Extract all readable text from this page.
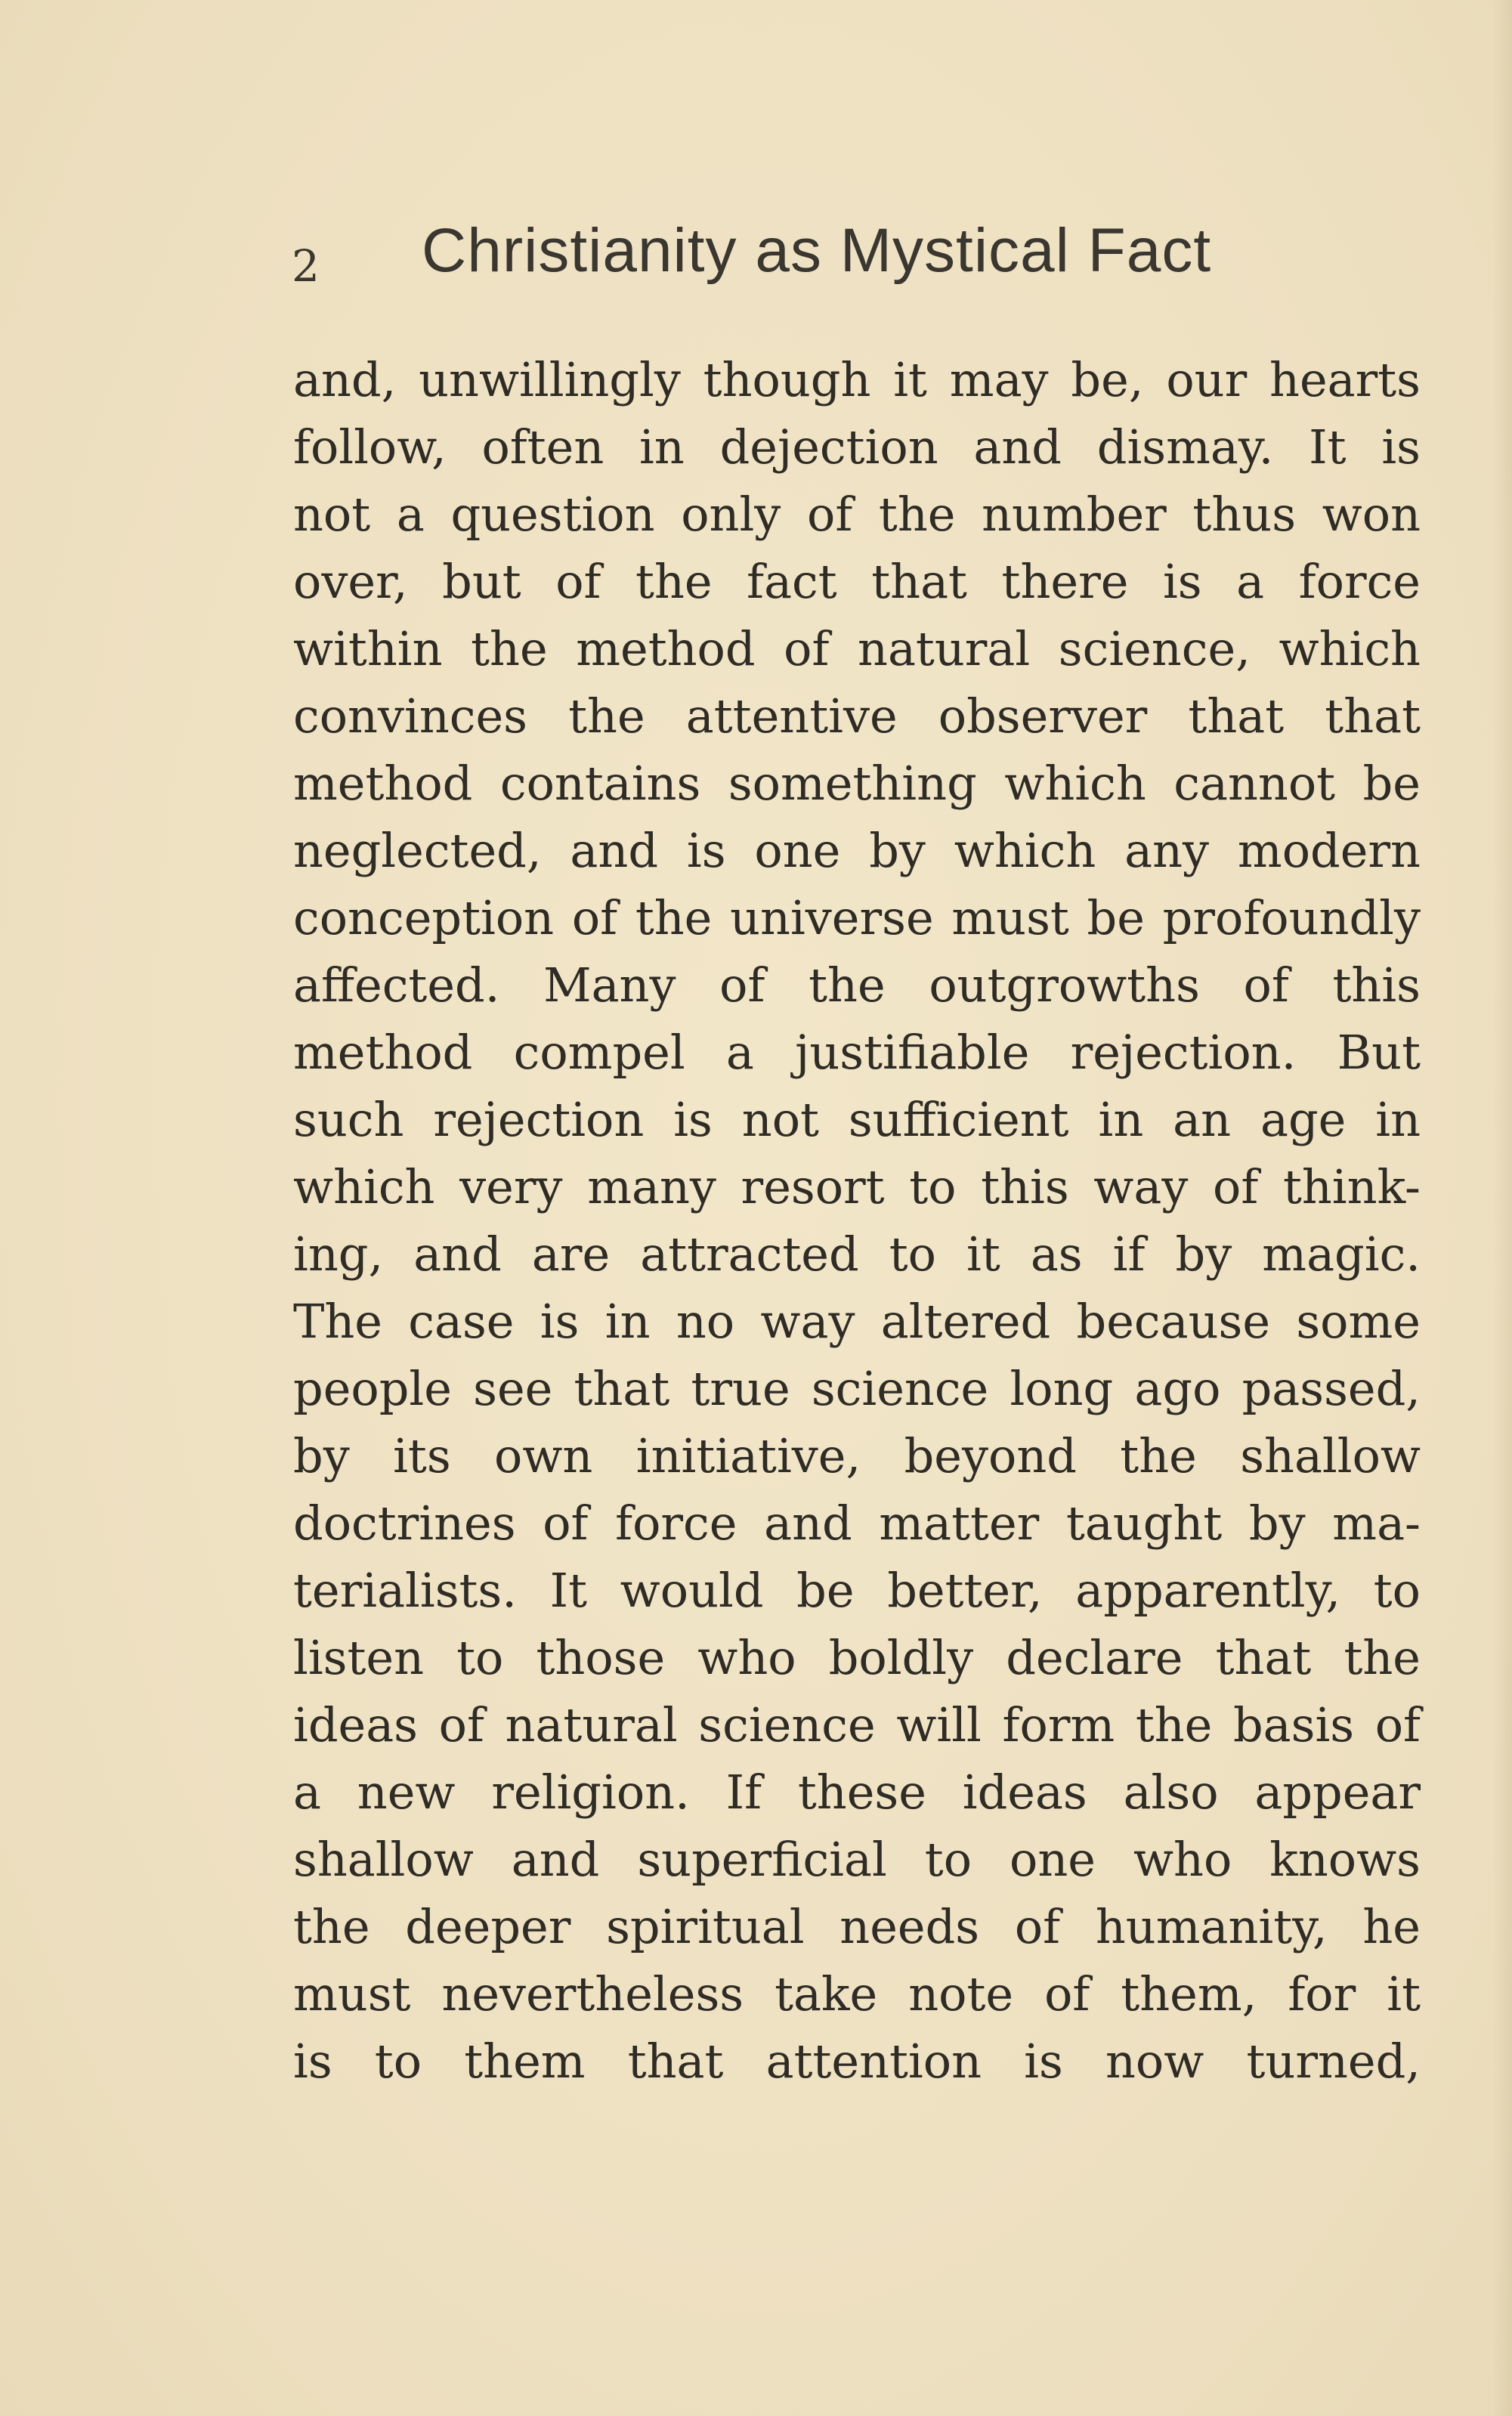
2 Christianity as Mystical Fact
and, unwillingly though it may be, our hearts
follow, often in dejection and dismay. It is
not a question only of the number thus won
over, but of the fact that there is a force
within the method of natural science, which
convinces the attentive observer that that
method contains something which cannot be
neglected, and is one by which any modern
conception of the universe must be profoundly
affected. Many of the outgrowths of this
method compel a justifiable rejection. But
such rejection is not sufficient in an age in
which very many resort to this way of think-
ing, and are attracted to it as if by magic.
The case is in no way altered because some
people see that true science long ago passed,
by its own initiative, beyond the shallow
doctrines of force and matter taught by ma-
terialists. It would be better, apparently, to
listen to those who boldly declare that the
ideas of natural science will form the basis of
a new religion. If these ideas also appear
shallow and superficial to one who knows
the deeper spiritual needs of humanity, he
must nevertheless take note of them, for it
is to them that attention is now turned,
